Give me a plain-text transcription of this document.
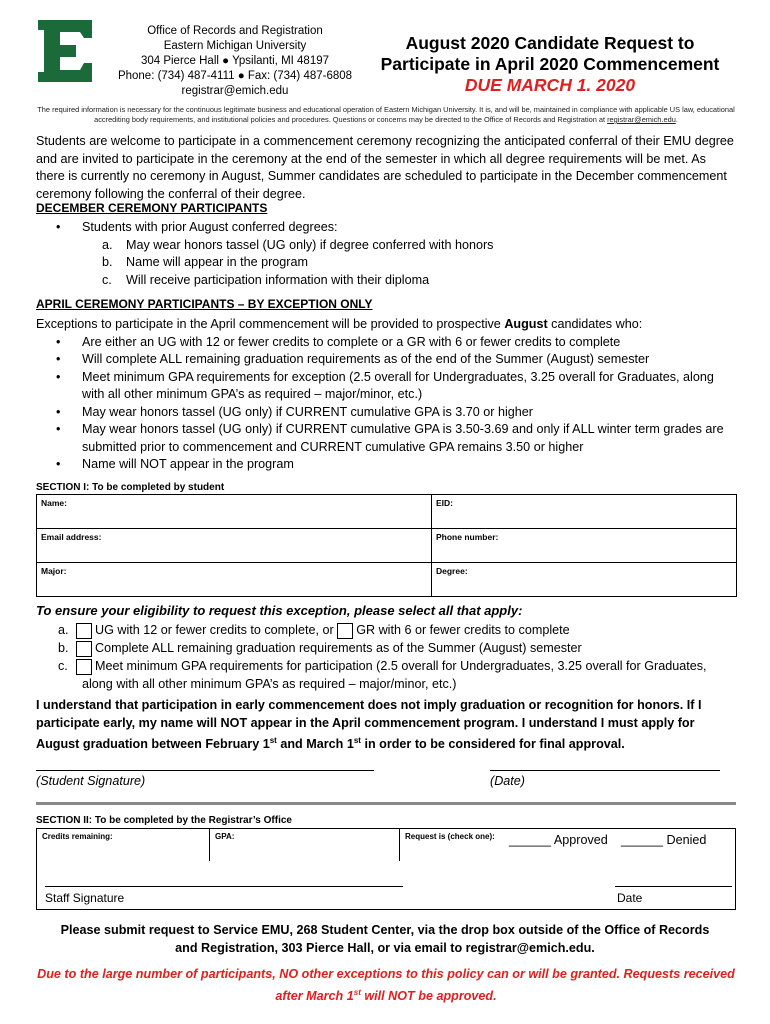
Office of Records and Registration
Eastern Michigan University
304 Pierce Hall ● Ypsilanti, MI 48197
Phone: (734) 487-4111 ● Fax: (734) 487-6808
registrar@emich.edu
August 2020 Candidate Request to
Participate in April 2020 Commencement
DUE MARCH 1. 2020
The required information is necessary for the continuous legitimate business and educational operation of Eastern Michigan University. It is, and will be, maintained in compliance with applicable US law, educational accrediting body requirements, and institutional policies and procedures. Questions or concerns may be directed to the Office of Records and Registration at registrar@emich.edu.
Students are welcome to participate in a commencement ceremony recognizing the anticipated conferral of their EMU degree and are invited to participate in the ceremony at the end of the semester in which all degree requirements will be met. As there is currently no ceremony in August, Summer candidates are scheduled to participate in the December commencement ceremony following the conferral of their degree.
DECEMBER CEREMONY PARTICIPANTS
• Students with prior August conferred degrees:
a. May wear honors tassel (UG only) if degree conferred with honors
b. Name will appear in the program
c. Will receive participation information with their diploma
APRIL CEREMONY PARTICIPANTS – BY EXCEPTION ONLY
Exceptions to participate in the April commencement will be provided to prospective August candidates who:
• Are either an UG with 12 or fewer credits to complete or a GR with 6 or fewer credits to complete
• Will complete ALL remaining graduation requirements as of the end of the Summer (August) semester
• Meet minimum GPA requirements for exception (2.5 overall for Undergraduates, 3.25 overall for Graduates, along with all other minimum GPA’s as required – major/minor, etc.)
• May wear honors tassel (UG only) if CURRENT cumulative GPA is 3.70 or higher
• May wear honors tassel (UG only) if CURRENT cumulative GPA is 3.50-3.69 and only if ALL winter term grades are submitted prior to commencement and CURRENT cumulative GPA remains 3.50 or higher
• Name will NOT appear in the program
SECTION I: To be completed by student
Name:	EID:
Email address:	Phone number:
Major:	Degree:
To ensure your eligibility to request this exception, please select all that apply:
a. UG with 12 or fewer credits to complete, or GR with 6 or fewer credits to complete
b. Complete ALL remaining graduation requirements as of the Summer (August) semester
c. Meet minimum GPA requirements for participation (2.5 overall for Undergraduates, 3.25 overall for Graduates,
along with all other minimum GPA’s as required – major/minor, etc.)
I understand that participation in early commencement does not imply graduation or recognition for honors. If I participate early, my name will NOT appear in the April commencement program. I understand I must apply for August graduation between February 1st and March 1st in order to be considered for final approval.
(Student Signature)	(Date)
SECTION II: To be completed by the Registrar’s Office
Credits remaining:	GPA:	Request is (check one):	______ Approved ______ Denied
Staff Signature	Date
Please submit request to Service EMU, 268 Student Center, via the drop box outside of the Office of Records and Registration, 303 Pierce Hall, or via email to registrar@emich.edu.
Due to the large number of participants, NO other exceptions to this policy can or will be granted. Requests received after March 1st will NOT be approved.
